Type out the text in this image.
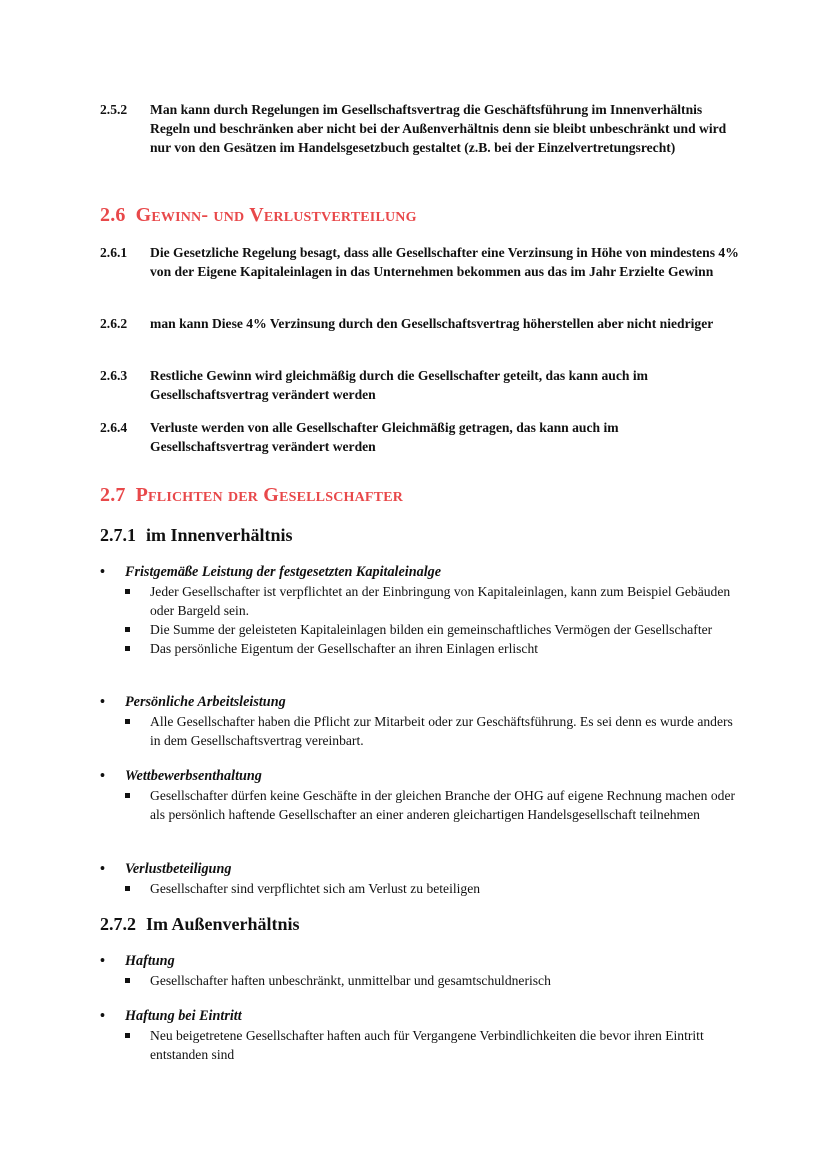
2.5.2	Man kann durch Regelungen im Gesellschaftsvertrag die Geschäftsführung im Innenverhältnis Regeln und beschränken aber nicht bei der Außenverhältnis denn sie bleibt unbeschränkt und wird nur von den Gesätzen im Handelsgesetzbuch gestaltet (z.B. bei der Einzelvertretungsrecht)
2.6 Gewinn- und Verlustverteilung
2.6.1	Die Gesetzliche Regelung besagt, dass alle Gesellschafter eine Verzinsung in Höhe von mindestens 4% von der Eigene Kapitaleinlagen in das Unternehmen bekommen aus das im Jahr Erzielte Gewinn
2.6.2	man kann Diese 4% Verzinsung durch den Gesellschaftsvertrag höherstellen aber nicht niedriger
2.6.3	Restliche Gewinn wird gleichmäßig durch die Gesellschafter geteilt, das kann auch im Gesellschaftsvertrag verändert werden
2.6.4	Verluste werden von alle Gesellschafter Gleichmäßig getragen, das kann auch im Gesellschaftsvertrag verändert werden
2.7 Pflichten der Gesellschafter
2.7.1 im Innenverhältnis
• Fristgemäße Leistung der festgesetzten Kapitaleinalge
Jeder Gesellschafter ist verpflichtet an der Einbringung von Kapitaleinlagen, kann zum Beispiel Gebäuden oder Bargeld sein.
Die Summe der geleisteten Kapitaleinlagen bilden ein gemeinschaftliches Vermögen der Gesellschafter
Das persönliche Eigentum der Gesellschafter an ihren Einlagen erlischt
• Persönliche Arbeitsleistung
Alle Gesellschafter haben die Pflicht zur Mitarbeit oder zur Geschäftsführung. Es sei denn es wurde anders in dem Gesellschaftsvertrag vereinbart.
• Wettbewerbsenthaltung
Gesellschafter dürfen keine Geschäfte in der gleichen Branche der OHG auf eigene Rechnung machen oder als persönlich haftende Gesellschafter an einer anderen gleichartigen Handelsgesellschaft teilnehmen
• Verlustbeteiligung
Gesellschafter sind verpflichtet sich am Verlust zu beteiligen
2.7.2 Im Außenverhältnis
• Haftung
Gesellschafter haften unbeschränkt, unmittelbar und gesamtschuldnerisch
• Haftung bei Eintritt
Neu beigetretene Gesellschafter haften auch für Vergangene Verbindlichkeiten die bevor ihren Eintritt entstanden sind
